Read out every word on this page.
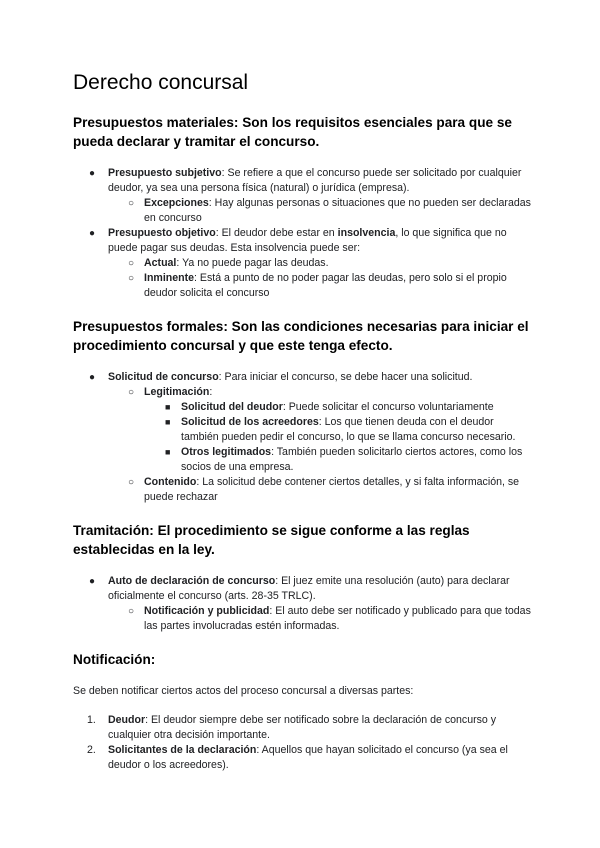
Derecho concursal
Presupuestos materiales: Son los requisitos esenciales para que se pueda declarar y tramitar el concurso.
● Presupuesto subjetivo: Se refiere a que el concurso puede ser solicitado por cualquier deudor, ya sea una persona física (natural) o jurídica (empresa).
○ Excepciones: Hay algunas personas o situaciones que no pueden ser declaradas en concurso
● Presupuesto objetivo: El deudor debe estar en insolvencia, lo que significa que no puede pagar sus deudas. Esta insolvencia puede ser:
○ Actual: Ya no puede pagar las deudas.
○ Inminente: Está a punto de no poder pagar las deudas, pero solo si el propio deudor solicita el concurso
Presupuestos formales: Son las condiciones necesarias para iniciar el procedimiento concursal y que este tenga efecto.
● Solicitud de concurso: Para iniciar el concurso, se debe hacer una solicitud.
○ Legitimación:
■ Solicitud del deudor: Puede solicitar el concurso voluntariamente
■ Solicitud de los acreedores: Los que tienen deuda con el deudor también pueden pedir el concurso, lo que se llama concurso necesario.
■ Otros legitimados: También pueden solicitarlo ciertos actores, como los socios de una empresa.
○ Contenido: La solicitud debe contener ciertos detalles, y si falta información, se puede rechazar
Tramitación: El procedimiento se sigue conforme a las reglas establecidas en la ley.
● Auto de declaración de concurso: El juez emite una resolución (auto) para declarar oficialmente el concurso (arts. 28-35 TRLC).
○ Notificación y publicidad: El auto debe ser notificado y publicado para que todas las partes involucradas estén informadas.
Notificación:

Se deben notificar ciertos actos del proceso concursal a diversas partes:

1. Deudor: El deudor siempre debe ser notificado sobre la declaración de concurso y cualquier otra decisión importante.
2. Solicitantes de la declaración: Aquellos que hayan solicitado el concurso (ya sea el deudor o los acreedores).
